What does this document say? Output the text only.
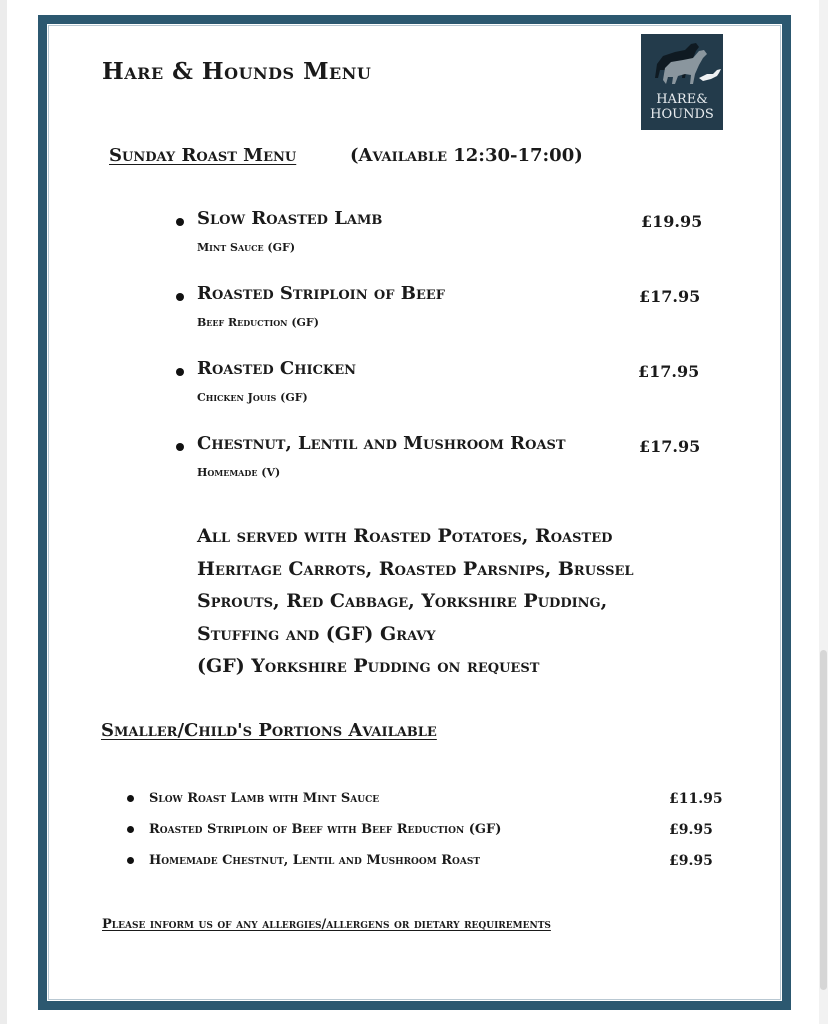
Hare & Hounds Menu
HARE&
HOUNDS
Sunday Roast Menu	(Available 12:30-17:00)
Slow Roasted Lamb
Mint Sauce (GF)
£19.95
Roasted Striploin of Beef
Beef Reduction (GF)
£17.95
Roasted Chicken
Chicken Jouis (GF)
£17.95
Chestnut, Lentil and Mushroom Roast
Homemade (V)
£17.95
All served with Roasted Potatoes, Roasted
Heritage Carrots, Roasted Parsnips, Brussel
Sprouts, Red Cabbage, Yorkshire Pudding,
Stuffing and (GF) Gravy
(GF) Yorkshire Pudding on request
Smaller/Child's Portions Available
Slow Roast Lamb with Mint Sauce	£11.95
Roasted Striploin of Beef with Beef Reduction (GF)	£9.95
Homemade Chestnut, Lentil and Mushroom Roast	£9.95
Please inform us of any allergies/allergens or dietary requirements
